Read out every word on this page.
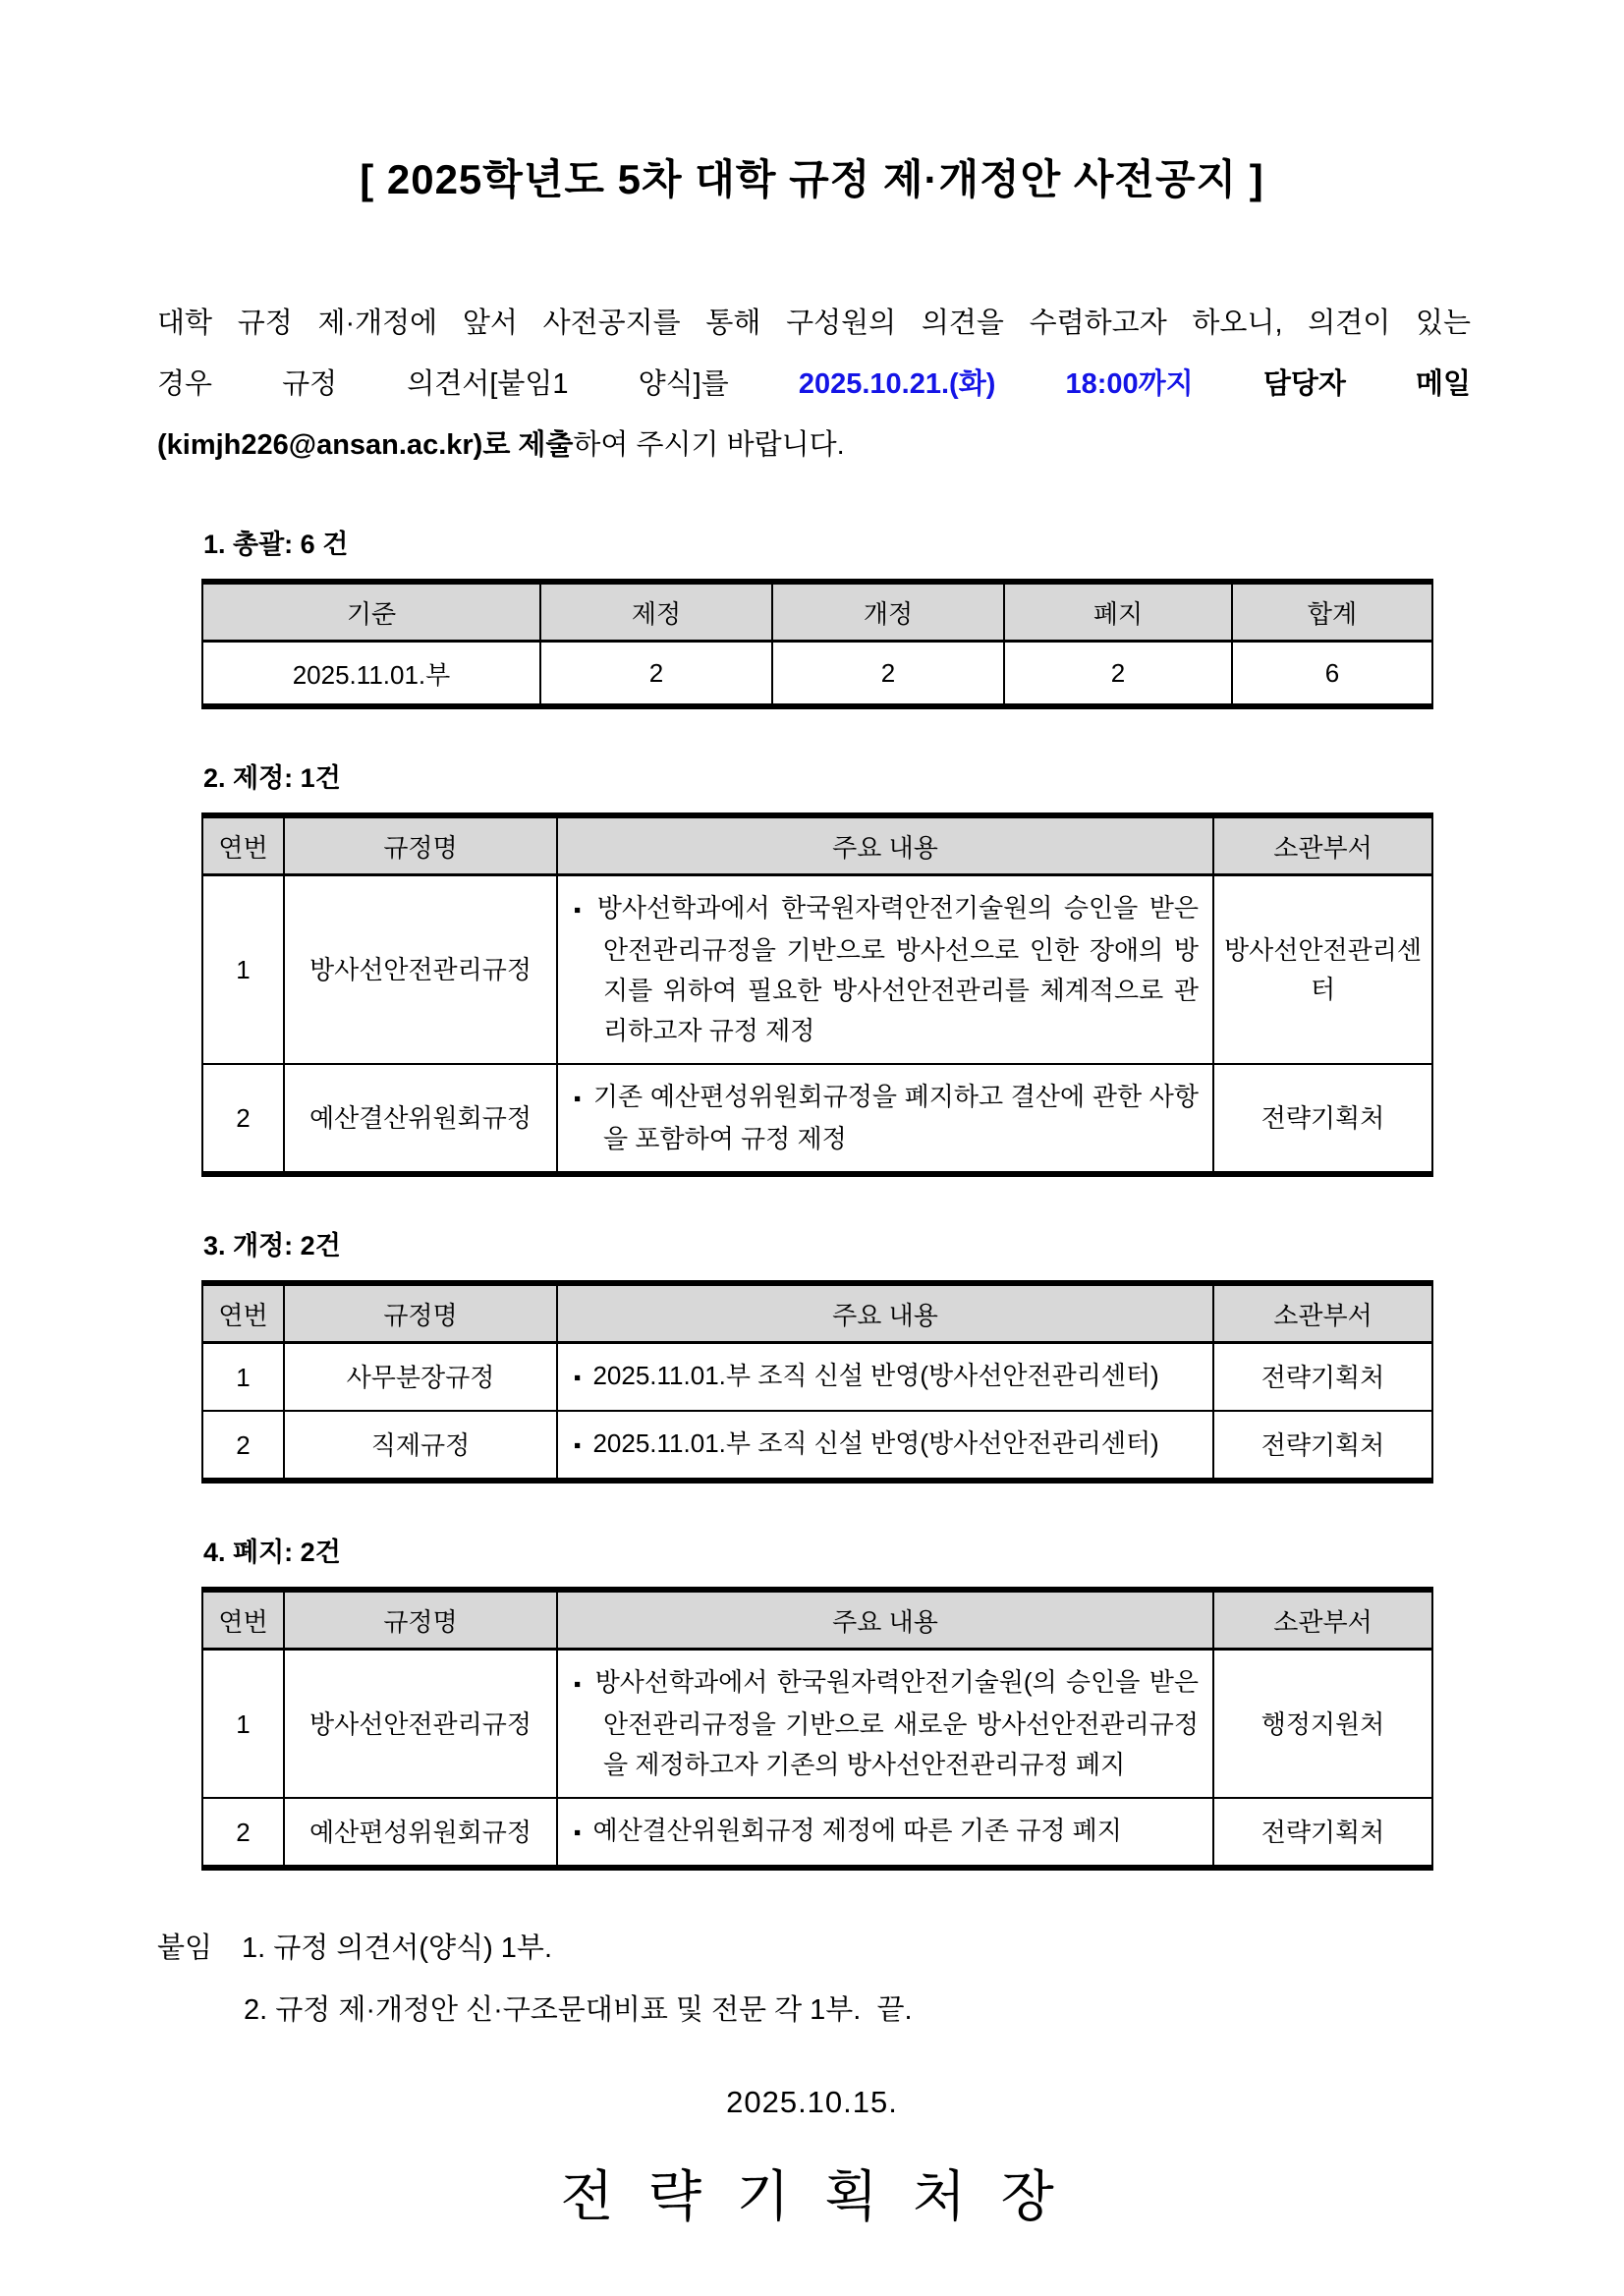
[ 2025학년도 5차 대학 규정 제·개정안 사전공지 ]
대학 규정 제·개정에 앞서 사전공지를 통해 구성원의 의견을 수렴하고자 하오니, 의견이 있는
경우 규정 의견서[붙임1 양식]를 2025.10.21.(화) 18:00까지 담당자 메일
(kimjh226@ansan.ac.kr)로 제출하여 주시기 바랍니다.
1. 총괄: 6 건
기준	제정	개정	폐지	합계
2025.11.01.부	2	2	2	6
2. 제정: 1건
연번	규정명	주요 내용	소관부서
1	방사선안전관리규정	▪ 방사선학과에서 한국원자력안전기술원의 승인을 받은 안전관리규정을 기반으로 방사선으로 인한 장애의 방지를 위하여 필요한 방사선안전관리를 체계적으로 관리하고자 규정 제정	방사선안전관리센터
2	예산결산위원회규정	▪ 기존 예산편성위원회규정을 폐지하고 결산에 관한 사항을 포함하여 규정 제정	전략기획처
3. 개정: 2건
연번	규정명	주요 내용	소관부서
1	사무분장규정	▪ 2025.11.01.부 조직 신설 반영(방사선안전관리센터)	전략기획처
2	직제규정	▪ 2025.11.01.부 조직 신설 반영(방사선안전관리센터)	전략기획처
4. 폐지: 2건
연번	규정명	주요 내용	소관부서
1	방사선안전관리규정	▪ 방사선학과에서 한국원자력안전기술원(의 승인을 받은 안전관리규정을 기반으로 새로운 방사선안전관리규정을 제정하고자 기존의 방사선안전관리규정 폐지	행정지원처
2	예산편성위원회규정	▪ 예산결산위원회규정 제정에 따른 기존 규정 폐지	전략기획처
붙임 1. 규정 의견서(양식) 1부.
2. 규정 제·개정안 신·구조문대비표 및 전문 각 1부.  끝.
2025.10.15.
전 략 기 획 처 장
